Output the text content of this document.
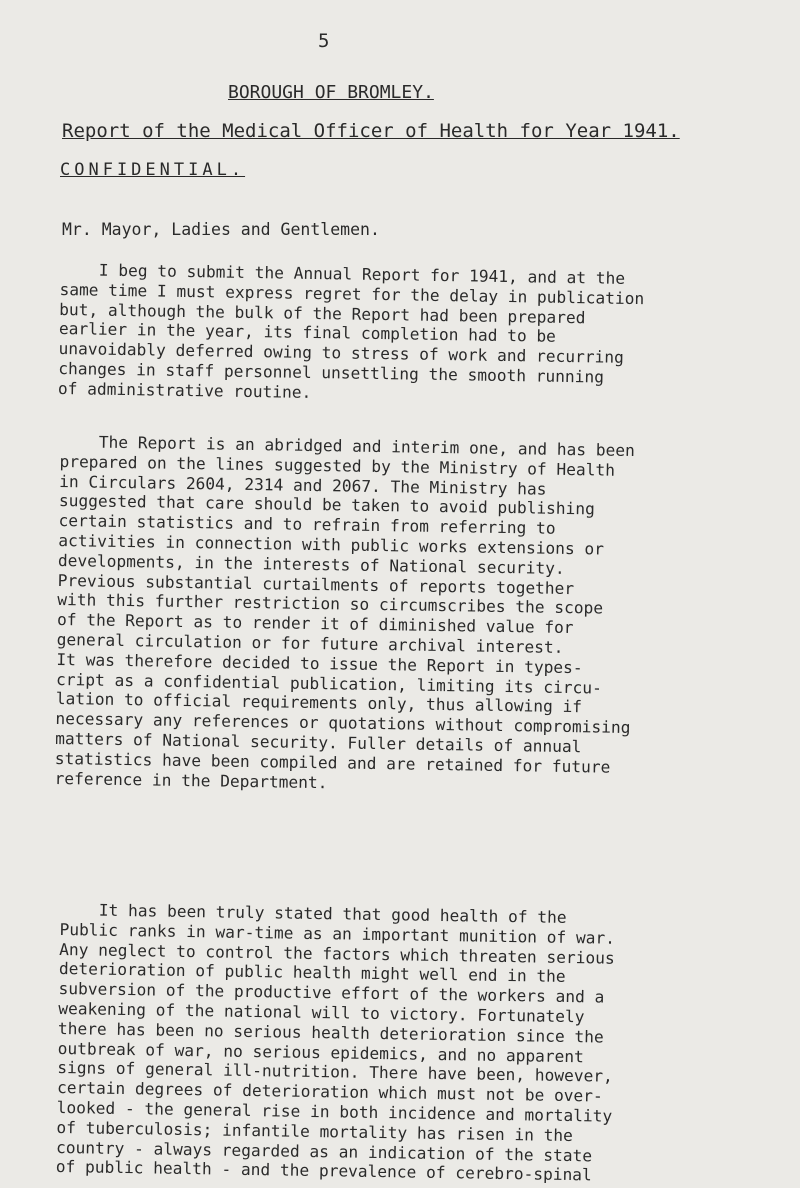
5
BOROUGH OF BROMLEY.
Report of the Medical Officer of Health for Year 1941.
CONFIDENTIAL.
Mr. Mayor, Ladies and Gentlemen.

I beg to submit the Annual Report for 1941, and at the
same time I must express regret for the delay in publication
but, although the bulk of the Report had been prepared
earlier in the year, its final completion had to be
unavoidably deferred owing to stress of work and recurring
changes in staff personnel unsettling the smooth running
of administrative routine.

The Report is an abridged and interim one, and has been
prepared on the lines suggested by the Ministry of Health
in Circulars 2604, 2314 and 2067. The Ministry has
suggested that care should be taken to avoid publishing
certain statistics and to refrain from referring to
activities in connection with public works extensions or
developments, in the interests of National security.
Previous substantial curtailments of reports together
with this further restriction so circumscribes the scope
of the Report as to render it of diminished value for
general circulation or for future archival interest.
It was therefore decided to issue the Report in types-
cript as a confidential publication, limiting its circu-
lation to official requirements only, thus allowing if
necessary any references or quotations without compromising
matters of National security. Fuller details of annual
statistics have been compiled and are retained for future
reference in the Department.

It has been truly stated that good health of the
Public ranks in war-time as an important munition of war.
Any neglect to control the factors which threaten serious
deterioration of public health might well end in the
subversion of the productive effort of the workers and a
weakening of the national will to victory. Fortunately
there has been no serious health deterioration since the
outbreak of war, no serious epidemics, and no apparent
signs of general ill-nutrition. There have been, however,
certain degrees of deterioration which must not be over-
looked - the general rise in both incidence and mortality
of tuberculosis; infantile mortality has risen in the
country - always regarded as an indication of the state
of public health - and the prevalence of cerebro-spinal
